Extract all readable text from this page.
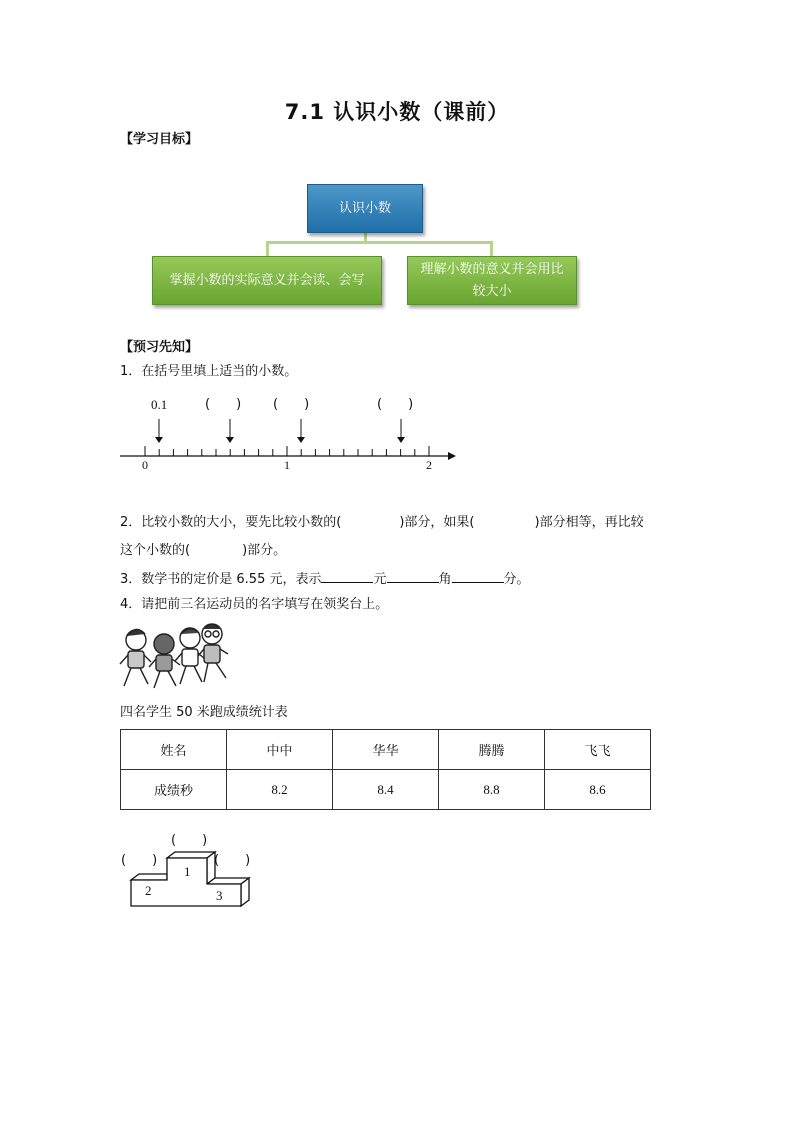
7.1 认识小数（课前）
【学习目标】
认识小数
掌握小数的实际意义并会读、会写
理解小数的意义并会用比
较大小
【预习先知】
1．在括号里填上适当的小数。
0.1	(　　) (　　)	(　　)
0	1	2
2．比较小数的大小，要先比较小数的(	)部分，如果(	)部分相等，再比较
这个小数的(	)部分。
3．数学书的定价是 6.55 元，表示	元	角	分。
4．请把前三名运动员的名字填写在领奖台上。
四名学生 50 米跑成绩统计表
姓名	中中	华华	腾腾	飞飞
成绩秒	8.2	8.4	8.8	8.6
1
2	3
(　　)
(　　)	(　　)
